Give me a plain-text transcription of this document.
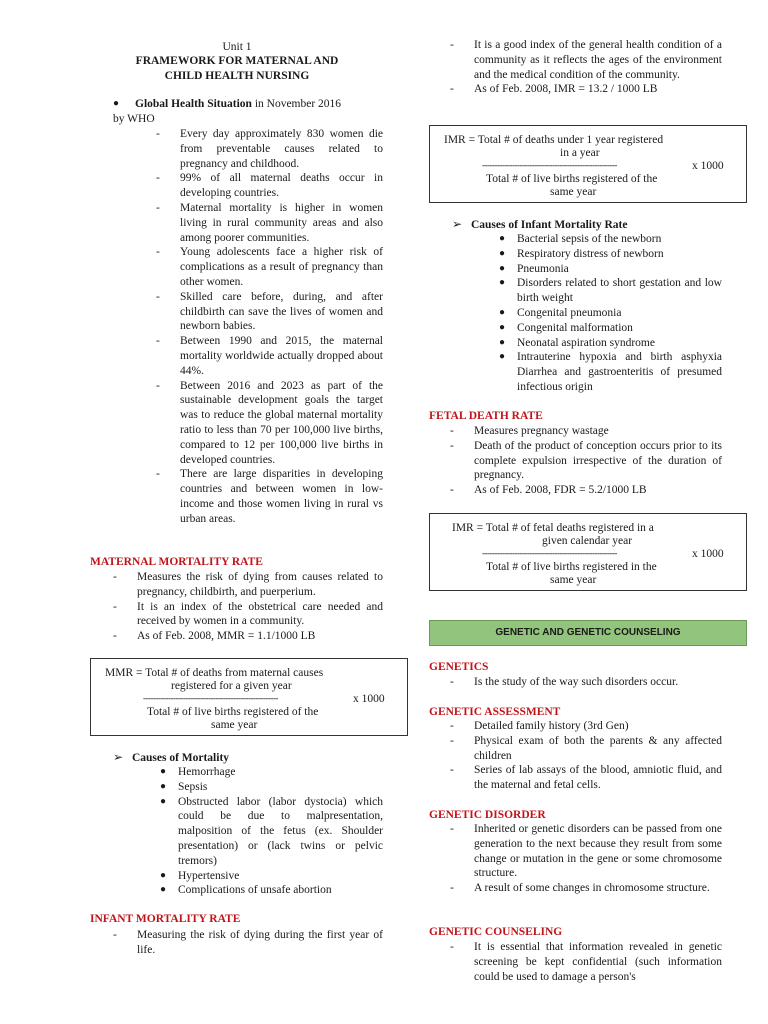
Unit 1
FRAMEWORK FOR MATERNAL AND
CHILD HEALTH NURSING
●	Global Health Situation in November 2016
by WHO
- Every day approximately 830 women die from preventable causes related to pregnancy and childhood.
- 99% of all maternal deaths occur in developing countries.
- Maternal mortality is higher in women living in rural community areas and also among poorer communities.
- Young adolescents face a higher risk of complications as a result of pregnancy than other women.
- Skilled care before, during, and after childbirth can save the lives of women and newborn babies.
- Between 1990 and 2015, the maternal mortality worldwide actually dropped about 44%.
- Between 2016 and 2023 as part of the sustainable development goals the target was to reduce the global maternal mortality ratio to less than 70 per 100,000 live births, compared to 12 per 100,000 live births in developed countries.
- There are large disparities in developing countries and between women in low-income and those women living in rural vs urban areas.
MATERNAL MORTALITY RATE
- Measures the risk of dying from causes related to pregnancy, childbirth, and puerperium.
- It is an index of the obstetrical care needed and received by women in a community.
- As of Feb. 2008, MMR = 1.1/1000 LB

MMR = Total # of deaths from maternal causes

registered for a given year

------------------------------------------------------	x 1000

Total # of live births registered of the

same year

➢ Causes of Mortality
● Hemorrhage
● Sepsis
● Obstructed labor (labor dystocia) which could be due to malpresentation, malposition of the fetus (ex. Shoulder presentation) or (lack twins or pelvic tremors)
● Hypertensive
● Complications of unsafe abortion
INFANT MORTALITY RATE
- Measuring the risk of dying during the first year of life.
- It is a good index of the general health condition of a community as it reflects the ages of the environment and the medical condition of the community.
- As of Feb. 2008, IMR = 13.2 / 1000 LB

IMR = Total # of deaths under 1 year registered

in a year

------------------------------------------------------	x 1000

Total # of live births registered of the

same year

➢ Causes of Infant Mortality Rate
● Bacterial sepsis of the newborn
● Respiratory distress of newborn
● Pneumonia
● Disorders related to short gestation and low birth weight
● Congenital pneumonia
● Congenital malformation
● Neonatal aspiration syndrome
● Intrauterine hypoxia and birth asphyxia Diarrhea and gastroenteritis of presumed infectious origin
FETAL DEATH RATE
- Measures pregnancy wastage
- Death of the product of conception occurs prior to its complete expulsion irrespective of the duration of pregnancy.
- As of Feb. 2008, FDR = 5.2/1000 LB

IMR = Total # of fetal deaths registered in a

given calendar year

------------------------------------------------------	x 1000

Total # of live births registered in the

same year

GENETIC AND GENETIC COUNSELING
GENETICS
- Is the study of the way such disorders occur.
GENETIC ASSESSMENT
- Detailed family history (3rd Gen)
- Physical exam of both the parents & any affected children
- Series of lab assays of the blood, amniotic fluid, and the maternal and fetal cells.
GENETIC DISORDER
- Inherited or genetic disorders can be passed from one generation to the next because they result from some change or mutation in the gene or some chromosome structure.
- A result of some changes in chromosome structure.
GENETIC COUNSELING
- It is essential that information revealed in genetic screening be kept confidential (such information could be used to damage a person's
